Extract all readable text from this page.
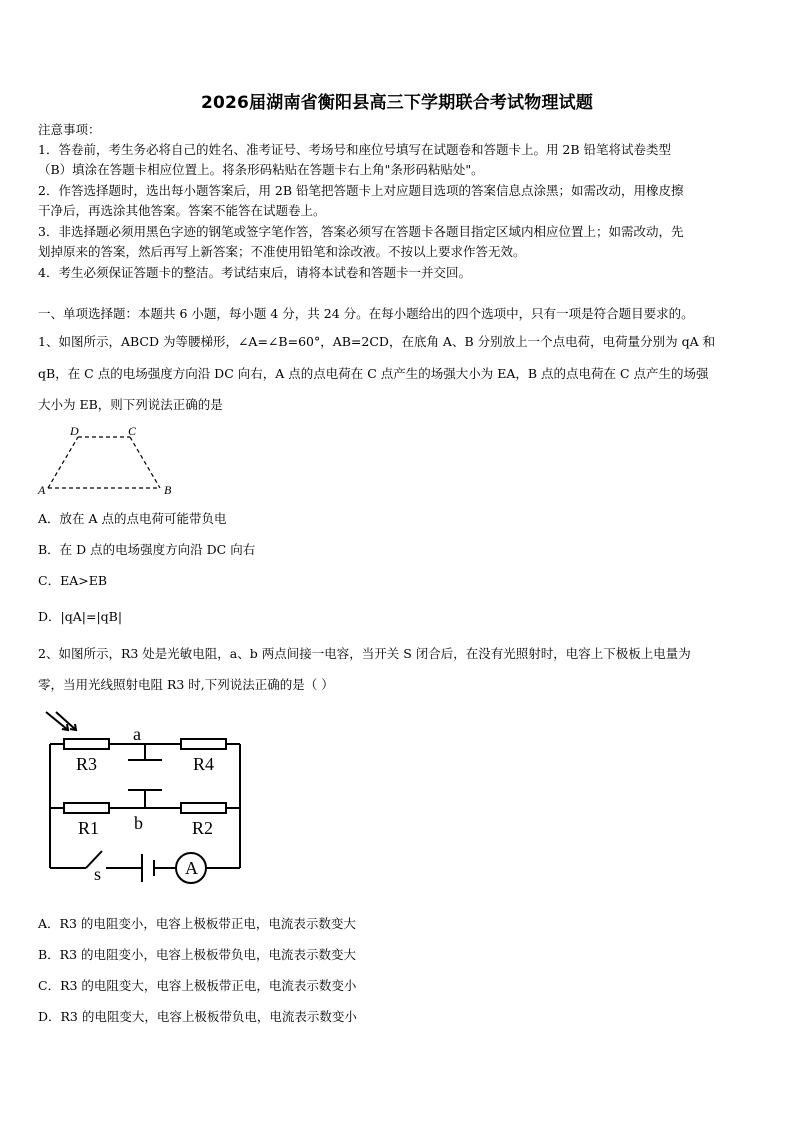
2026届湖南省衡阳县高三下学期联合考试物理试题
注意事项：
1．答卷前，考生务必将自己的姓名、准考证号、考场号和座位号填写在试题卷和答题卡上。用 2B 铅笔将试卷类型
（B）填涂在答题卡相应位置上。将条形码粘贴在答题卡右上角"条形码粘贴处"。
2．作答选择题时，选出每小题答案后，用 2B 铅笔把答题卡上对应题目选项的答案信息点涂黑；如需改动，用橡皮擦
干净后，再选涂其他答案。答案不能答在试题卷上。
3．非选择题必须用黑色字迹的钢笔或签字笔作答，答案必须写在答题卡各题目指定区域内相应位置上；如需改动，先
划掉原来的答案，然后再写上新答案；不准使用铅笔和涂改液。不按以上要求作答无效。
4．考生必须保证答题卡的整洁。考试结束后，请将本试卷和答题卡一并交回。
一、单项选择题：本题共 6 小题，每小题 4 分，共 24 分。在每小题给出的四个选项中，只有一项是符合题目要求的。
1、如图所示，ABCD 为等腰梯形，∠A=∠B=60°，AB=2CD，在底角 A、B 分别放上一个点电荷，电荷量分别为 qA 和
qB，在 C 点的电场强度方向沿 DC 向右，A 点的点电荷在 C 点产生的场强大小为 EA，B 点的点电荷在 C 点产生的场强
大小为 EB，则下列说法正确的是
A	B
C
D
A．放在 A 点的点电荷可能带负电
B．在 D 点的电场强度方向沿 DC 向右
C．EA>EB
D．|qA|=|qB|
2、如图所示，R3 处是光敏电阻，a、b 两点间接一电容，当开关 S 闭合后，在没有光照射时，电容上下极板上电量为
零，当用光线照射电阻 R3 时,下列说法正确的是（ ）
a
b
R3	R4
R1	R2
s	A
A．R3 的电阻变小，电容上极板带正电，电流表示数变大
B．R3 的电阻变小，电容上极板带负电，电流表示数变大
C．R3 的电阻变大，电容上极板带正电，电流表示数变小
D．R3 的电阻变大，电容上极板带负电，电流表示数变小
